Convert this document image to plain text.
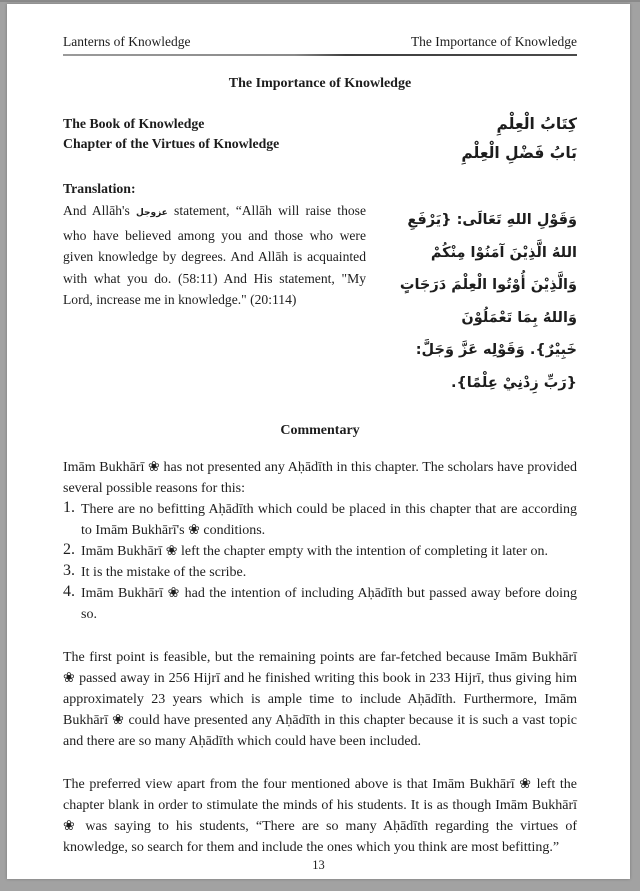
Lanterns of Knowledge	The Importance of Knowledge
The Importance of Knowledge
The Book of Knowledge
Chapter of the Virtues of Knowledge
كِتَابُ الْعِلْمِ
بَابُ فَضْلِ الْعِلْمِ
Translation:
And Allāh's عزوجل statement, “Allāh will raise those who have believed among you and those who were given knowledge by degrees. And Allāh is acquainted with what you do. (58:11) And His statement, "My Lord, increase me in knowledge." (20:114)
وَقَوْلِ اللهِ تَعَالَى: {يَرْفَعِ اللهُ الَّذِيْنَ آمَنُوْا مِنْكُمْ
وَالَّذِيْنَ أُوْتُوا الْعِلْمَ دَرَجَاتٍ وَاللهُ بِمَا تَعْمَلُوْنَ
خَبِيْرٌ}. وَقَوْلِه عَزَّ وَجَلَّ: {رَبِّ زِدْنِيْ عِلْمًا}.
Commentary
Imām Bukhārī ❀ has not presented any Aḥādīth in this chapter. The scholars have provided several possible reasons for this:
1. There are no befitting Aḥādīth which could be placed in this chapter that are according to Imām Bukhārī's ❀ conditions.
2. Imām Bukhārī ❀ left the chapter empty with the intention of completing it later on.
3. It is the mistake of the scribe.
4. Imām Bukhārī ❀ had the intention of including Aḥādīth but passed away before doing so.
The first point is feasible, but the remaining points are far-fetched because Imām Bukhārī ❀ passed away in 256 Hijrī and he finished writing this book in 233 Hijrī, thus giving him approximately 23 years which is ample time to include Aḥādīth. Furthermore, Imām Bukhārī ❀ could have presented any Aḥādīth in this chapter because it is such a vast topic and there are so many Aḥādīth which could have been included.
The preferred view apart from the four mentioned above is that Imām Bukhārī ❀ left the chapter blank in order to stimulate the minds of his students. It is as though Imām Bukhārī ❀ was saying to his students, “There are so many Aḥādīth regarding the virtues of knowledge, so search for them and include the ones which you think are most befitting.”
13
